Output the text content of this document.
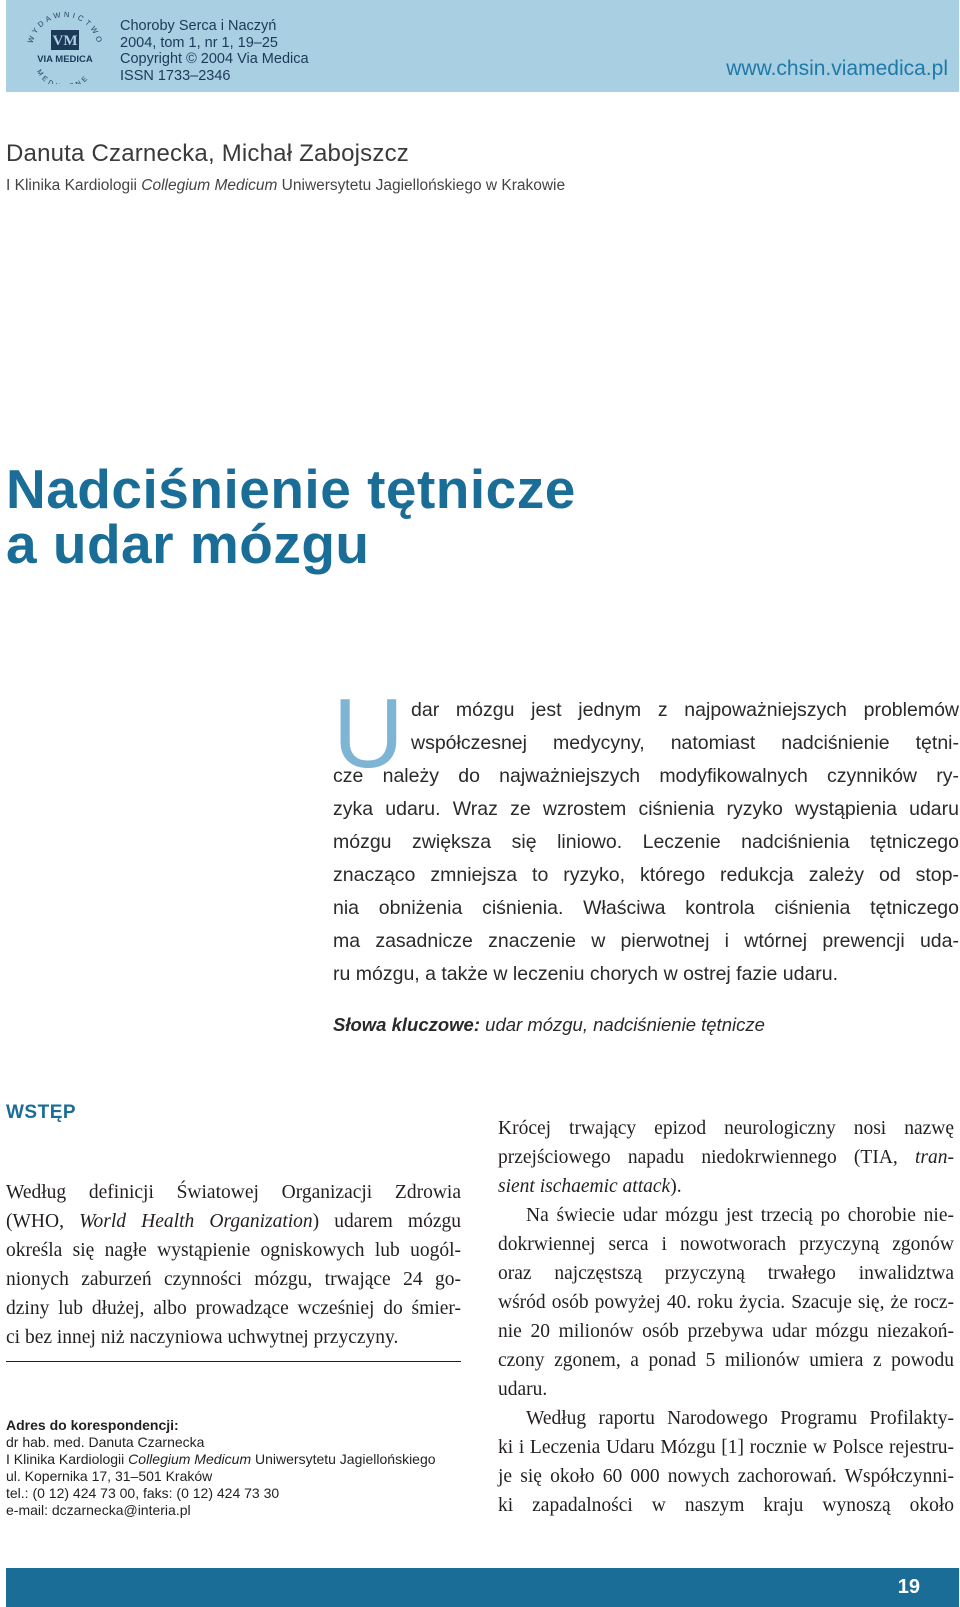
WYDAWNICTWO
ME NE
VM
VIA MEDICA
Choroby Serca i Naczyń
2004, tom 1, nr 1, 19–25
Copyright © 2004 Via Medica
ISSN 1733–2346	www.chsin.viamedica.pl
Danuta Czarnecka, Michał Zabojszcz
I Klinika Kardiologii Collegium Medicum Uniwersytetu Jagiellońskiego w Krakowie
Nadciśnienie tętnicze
a udar mózgu
U dar mózgu jest jednym z najpoważniejszych problemów
współczesnej medycyny, natomiast nadciśnienie tętni-
cze należy do najważniejszych modyfikowalnych czynników ry-
zyka udaru. Wraz ze wzrostem ciśnienia ryzyko wystąpienia udaru
mózgu zwiększa się liniowo. Leczenie nadciśnienia tętniczego
znacząco zmniejsza to ryzyko, którego redukcja zależy od stop-
nia obniżenia ciśnienia. Właściwa kontrola ciśnienia tętniczego
ma zasadnicze znaczenie w pierwotnej i wtórnej prewencji uda-
ru mózgu, a także w leczeniu chorych w ostrej fazie udaru.
Słowa kluczowe: udar mózgu, nadciśnienie tętnicze
WSTĘP
Według definicji Światowej Organizacji Zdrowia
(WHO, World Health Organization) udarem mózgu
określa się nagłe wystąpienie ogniskowych lub uogól-
nionych zaburzeń czynności mózgu, trwające 24 go-
dziny lub dłużej, albo prowadzące wcześniej do śmier-
ci bez innej niż naczyniowa uchwytnej przyczyny.
Adres do korespondencji:
dr hab. med. Danuta Czarnecka
I Klinika Kardiologii Collegium Medicum Uniwersytetu Jagiellońskiego
ul. Kopernika 17, 31–501 Kraków
tel.: (0 12) 424 73 00, faks: (0 12) 424 73 30
e-mail: dczarnecka@interia.pl
Krócej trwający epizod neurologiczny nosi nazwę
przejściowego napadu niedokrwiennego (TIA, tran-
sient ischaemic attack).
Na świecie udar mózgu jest trzecią po chorobie nie-
dokrwiennej serca i nowotworach przyczyną zgonów
oraz najczęstszą przyczyną trwałego inwalidztwa
wśród osób powyżej 40. roku życia. Szacuje się, że rocz-
nie 20 milionów osób przebywa udar mózgu niezakoń-
czony zgonem, a ponad 5 milionów umiera z powodu
udaru.
Według raportu Narodowego Programu Profilakty-
ki i Leczenia Udaru Mózgu [1] rocznie w Polsce rejestru-
je się około 60 000 nowych zachorowań. Współczynni-
ki zapadalności w naszym kraju wynoszą około
19
